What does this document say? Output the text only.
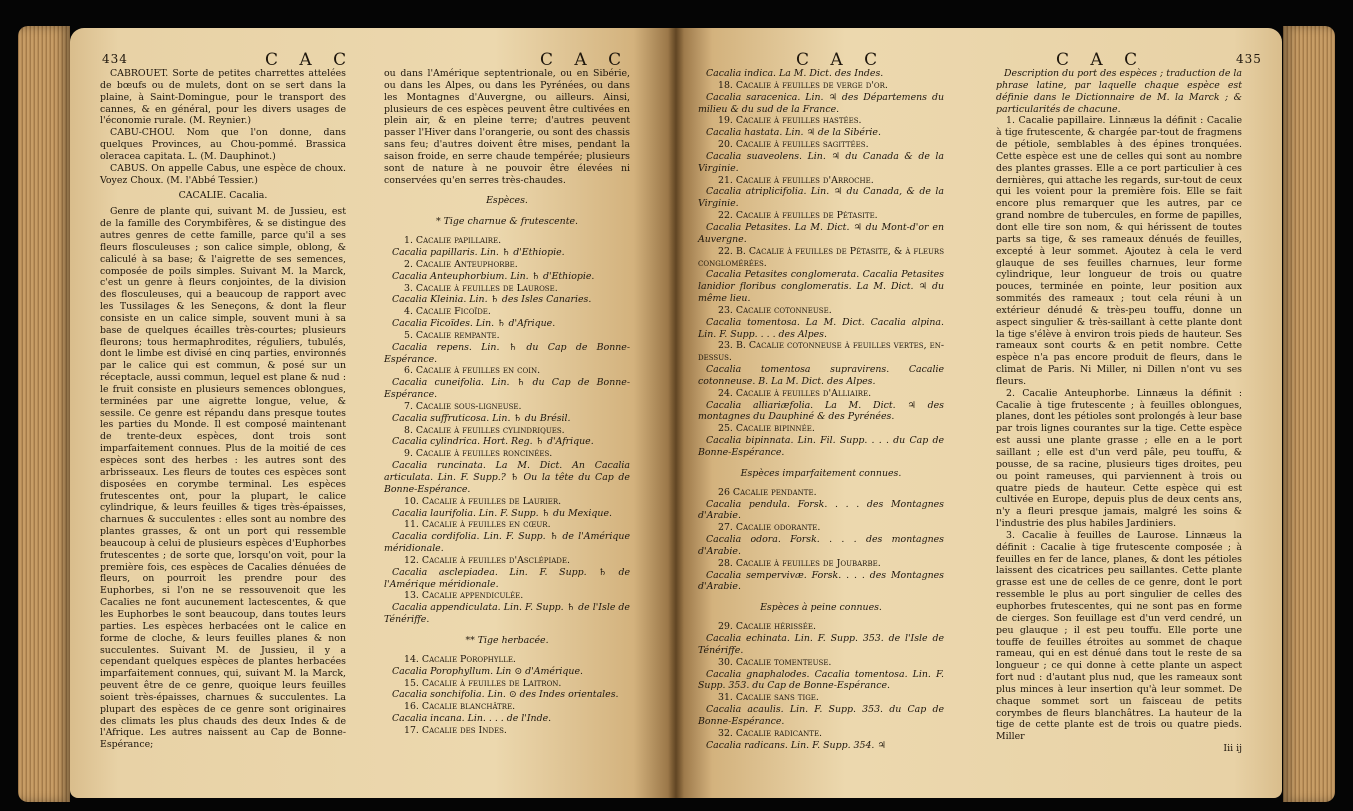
434	C A C	C A C

CABROUET. Sorte de petites charrettes attelées de bœufs ou de mulets, dont on se sert dans la plaine, à Saint-Domingue, pour le transport des cannes, & en général, pour les divers usages de l'économie rurale. (M. Reynier.)

CABU-CHOU. Nom que l'on donne, dans quelques Provinces, au Chou-pommé. Brassica oleracea capitata. L. (M. Dauphinot.)

CABUS. On appelle Cabus, une espèce de choux. Voyez Choux. (M. l'Abbé Tessier.)

CACALIE. Cacalia.

Genre de plante qui, suivant M. de Jussieu, est de la famille des Corymbifères, & se distingue des autres genres de cette famille, parce qu'il a ses fleurs flosculeuses ; son calice simple, oblong, & caliculé à sa base; & l'aigrette de ses semences, composée de poils simples. Suivant M. la Marck, c'est un genre à fleurs conjointes, de la division des flosculeuses, qui a beaucoup de rapport avec les Tussilages & les Seneçons, & dont la fleur consiste en un calice simple, souvent muni à sa base de quelques écailles très-courtes; plusieurs fleurons; tous hermaphrodites, réguliers, tubulés, dont le limbe est divisé en cinq parties, environnés par le calice qui est commun, & posé sur un réceptacle, aussi commun, lequel est plane & nud : le fruit consiste en plusieurs semences oblongues, terminées par une aigrette longue, velue, & sessile. Ce genre est répandu dans presque toutes les parties du Monde. Il est composé maintenant de trente-deux espèces, dont trois sont imparfaitement connues. Plus de la moitié de ces espèces sont des herbes : les autres sont des arbrisseaux. Les fleurs de toutes ces espèces sont disposées en corymbe terminal. Les espèces frutescentes ont, pour la plupart, le calice cylindrique, & leurs feuilles & tiges très-épaisses, charnues & succulentes : elles sont au nombre des plantes grasses, & ont un port qui ressemble beaucoup à celui de plusieurs espèces d'Euphorbes frutescentes ; de sorte que, lorsqu'on voit, pour la première fois, ces espèces de Cacalies dénuées de fleurs, on pourroit les prendre pour des Euphorbes, si l'on ne se ressouvenoit que les Cacalies ne font aucunement lactescentes, & que les Euphorbes le sont beaucoup, dans toutes leurs parties. Les espèces herbacées ont le calice en forme de cloche, & leurs feuilles planes & non succulentes. Suivant M. de Jussieu, il y a cependant quelques espèces de plantes herbacées imparfaitement connues, qui, suivant M. la Marck, peuvent être de ce genre, quoique leurs feuilles soient très-épaisses, charnues & succulentes. La plupart des espèces de ce genre sont originaires des climats les plus chauds des deux Indes & de l'Afrique. Les autres naissent au Cap de Bonne-Espérance;

ou dans l'Amérique septentrionale, ou en Sibérie, ou dans les Alpes, ou dans les Pyrénées, ou dans les Montagnes d'Auvergne, ou ailleurs. Ainsi, plusieurs de ces espèces peuvent être cultivées en plein air, & en pleine terre; d'autres peuvent passer l'Hiver dans l'orangerie, ou sont des chassis sans feu; d'autres doivent être mises, pendant la saison froide, en serre chaude tempérée; plusieurs sont de nature à ne pouvoir être élevées ni conservées qu'en serres très-chaudes.

Espèces.

* Tige charnue & frutescente.

1. Cacalie papillaire.

Cacalia papillaris. Lin. ♄ d'Ethiopie.

2. Cacalie Anteuphorbe.

Cacalia Anteuphorbium. Lin. ♄ d'Ethiopie.

3. Cacalie à feuilles de Laurose.

Cacalia Kleinia. Lin. ♄ des Isles Canaries.

4. Cacalie Ficoïde.

Cacalia Ficoïdes. Lin. ♄ d'Afrique.

5. Cacalie rempante.

Cacalia repens. Lin. ♄ du Cap de Bonne-Espérance.

6. Cacalie à feuilles en coin.

Cacalia cuneifolia. Lin. ♄ du Cap de Bonne-Espérance.

7. Cacalie sous-ligneuse.

Cacalia suffruticosa. Lin. ♄ du Brésil.

8. Cacalie à feuilles cylindriques.

Cacalia cylindrica. Hort. Reg. ♄ d'Afrique.

9. Cacalie à feuilles roncinées.

Cacalia runcinata. La M. Dict. An Cacalia articulata. Lin. F. Supp.? ♄ Ou la tête du Cap de Bonne-Espérance.

10. Cacalie à feuilles de Laurier.

Cacalia laurifolia. Lin. F. Supp. ♄ du Mexique.

11. Cacalie à feuilles en cœur.

Cacalia cordifolia. Lin. F. Supp. ♄ de l'Amérique méridionale.

12. Cacalie à feuilles d'Asclépiade.

Cacalia asclepiadea. Lin. F. Supp. ♄ de l'Amérique méridionale.

13. Cacalie appendiculée.

Cacalia appendiculata. Lin. F. Supp. ♄ de l'Isle de Ténériffe.

** Tige herbacée.

14. Cacalie Porophylle.

Cacalia Porophyllum. Lin ⊙ d'Amérique.

15. Cacalie à feuilles de Laitron.

Cacalia sonchifolia. Lin. ⊙ des Indes orientales.

16. Cacalie blanchâtre.

Cacalia incana. Lin. . . . de l'Inde.

17. Cacalie des Indes.

C A C	C A C	435

Cacalia indica. La M. Dict. des Indes.

18. Cacalie à feuilles de verge d'or.

Cacalia saracenica. Lin. ♃ des Départemens du milieu & du sud de la France.

19. Cacalie à feuilles hastées.

Cacalia hastata. Lin. ♃ de la Sibérie.

20. Cacalie à feuilles sagittées.

Cacalia suaveolens. Lin. ♃ du Canada & de la Virginie.

21. Cacalie à feuilles d'Arroche.

Cacalia atriplicifolia. Lin. ♃ du Canada, & de la Virginie.

22. Cacalie à feuilles de Pétasite.

Cacalia Petasites. La M. Dict. ♃ du Mont-d'or en Auvergne.

22. B. Cacalie à feuilles de Pétasite, & à fleurs conglomérées.

Cacalia Petasites conglomerata. Cacalia Petasites lanidior floribus conglomeratis. La M. Dict. ♃ du même lieu.

23. Cacalie cotonneuse.

Cacalia tomentosa. La M. Dict. Cacalia alpina. Lin. F. Supp. . . . des Alpes.

23. B. Cacalie cotonneuse à feuilles vertes, en-dessus.

Cacalia tomentosa supravirens. Cacalie cotonneuse. B. La M. Dict. des Alpes.

24. Cacalie à feuilles d'Alliaire.

Cacalia alliariæfolia. La M. Dict. ♃ des montagnes du Dauphiné & des Pyrénées.

25. Cacalie bipinnée.

Cacalia bipinnata. Lin. Fil. Supp. . . . du Cap de Bonne-Espérance.

Espèces imparfaitement connues.

26 Cacalie pendante.

Cacalia pendula. Forsk. . . . des Montagnes d'Arabie.

27. Cacalie odorante.

Cacalia odora. Forsk. . . . des montagnes d'Arabie.

28. Cacalie à feuilles de Joubarbe.

Cacalia sempervivæ. Forsk. . . . des Montagnes d'Arabie.

Espèces à peine connues.

29. Cacalie hérissée.

Cacalia echinata. Lin. F. Supp. 353. de l'Isle de Ténériffe.

30. Cacalie tomenteuse.

Cacalia gnaphalodes. Cacalia tomentosa. Lin. F. Supp. 353. du Cap de Bonne-Espérance.

31. Cacalie sans tige.

Cacalia acaulis. Lin. F. Supp. 353. du Cap de Bonne-Espérance.

32. Cacalie radicante.

Cacalia radicans. Lin. F. Supp. 354. ♃

Description du port des espèces ; traduction de la phrase latine, par laquelle chaque espèce est définie dans le Dictionnaire de M. la Marck ; & particularités de chacune.

1. Cacalie papillaire. Linnæus la définit : Cacalie à tige frutescente, & chargée par-tout de fragmens de pétiole, semblables à des épines tronquées. Cette espèce est une de celles qui sont au nombre des plantes grasses. Elle a ce port particulier à ces dernières, qui attache les regards, sur-tout de ceux qui les voient pour la première fois. Elle se fait encore plus remarquer que les autres, par ce grand nombre de tubercules, en forme de papilles, dont elle tire son nom, & qui hérissent de toutes parts sa tige, & ses rameaux dénués de feuilles, excepté à leur sommet. Ajoutez à cela le verd glauque de ses feuilles charnues, leur forme cylindrique, leur longueur de trois ou quatre pouces, terminée en pointe, leur position aux sommités des rameaux ; tout cela réuni à un extérieur dénudé & très-peu touffu, donne un aspect singulier & très-saillant à cette plante dont la tige s'élève à environ trois pieds de hauteur. Ses rameaux sont courts & en petit nombre. Cette espèce n'a pas encore produit de fleurs, dans le climat de Paris. Ni Miller, ni Dillen n'ont vu ses fleurs.

2. Cacalie Anteuphorbe. Linnæus la définit : Cacalie à tige frutescente ; à feuilles oblongues, planes, dont les pétioles sont prolongés à leur base par trois lignes courantes sur la tige. Cette espèce est aussi une plante grasse ; elle en a le port saillant ; elle est d'un verd pâle, peu touffu, & pousse, de sa racine, plusieurs tiges droites, peu ou point rameuses, qui parviennent à trois ou quatre pieds de hauteur. Cette espèce qui est cultivée en Europe, depuis plus de deux cents ans, n'y a fleuri presque jamais, malgré les soins & l'industrie des plus habiles Jardiniers.

3. Cacalie à feuilles de Laurose. Linnæus la définit : Cacalie à tige frutescente composée ; à feuilles en fer de lance, planes, & dont les pétioles laissent des cicatrices peu saillantes. Cette plante grasse est une de celles de ce genre, dont le port ressemble le plus au port singulier de celles des euphorbes frutescentes, qui ne sont pas en forme de cierges. Son feuillage est d'un verd cendré, un peu glauque ; il est peu touffu. Elle porte une touffe de feuilles étroites au sommet de chaque rameau, qui en est dénué dans tout le reste de sa longueur ; ce qui donne à cette plante un aspect fort nud : d'autant plus nud, que les rameaux sont plus minces à leur insertion qu'à leur sommet. De chaque sommet sort un faisceau de petits corymbes de fleurs blanchâtres. La hauteur de la tige de cette plante est de trois ou quatre pieds. Miller

Iii ij
